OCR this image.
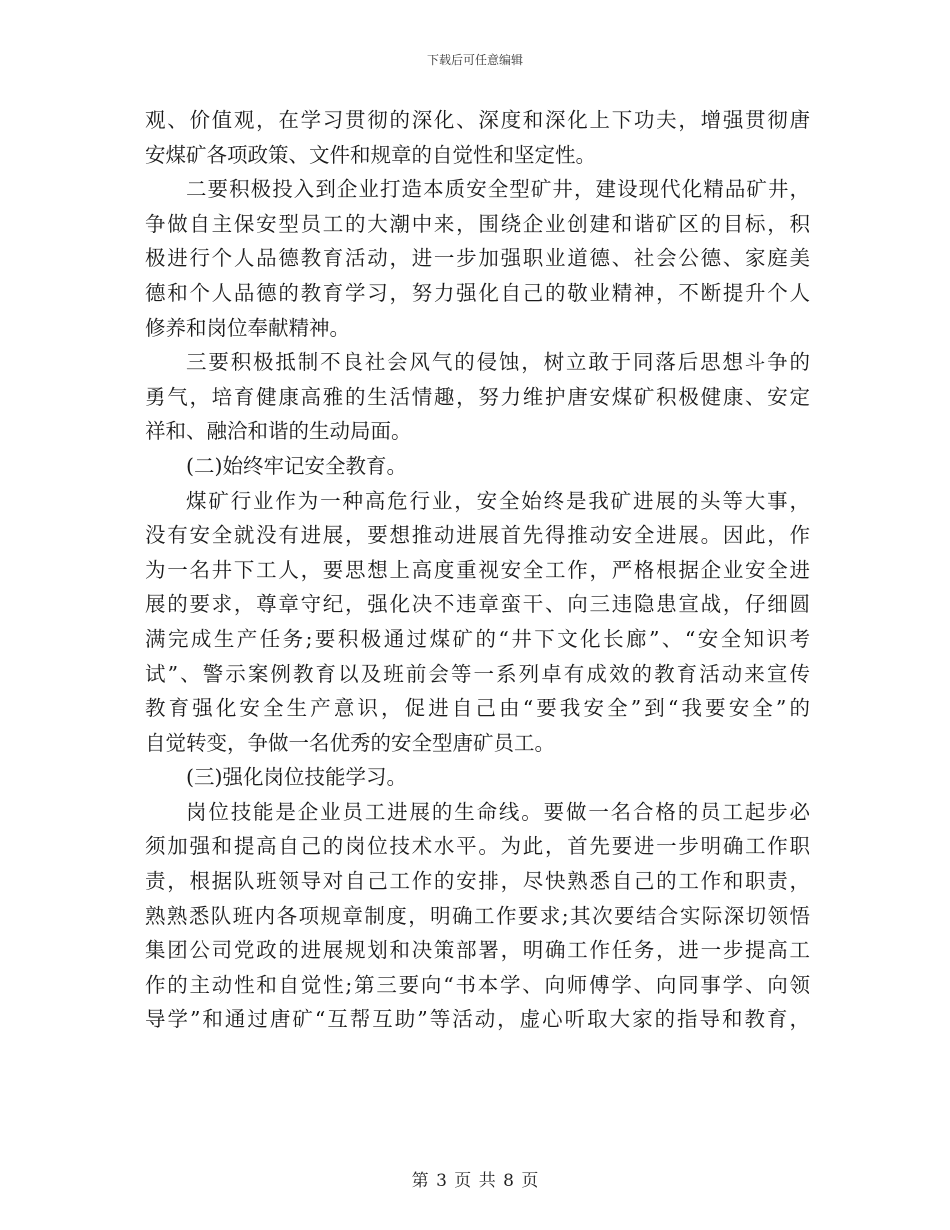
下载后可任意编辑
观、价值观，在学习贯彻的深化、深度和深化上下功夫，增强贯彻唐
安煤矿各项政策、文件和规章的自觉性和坚定性。
二要积极投入到企业打造本质安全型矿井，建设现代化精品矿井，
争做自主保安型员工的大潮中来，围绕企业创建和谐矿区的目标，积
极进行个人品德教育活动，进一步加强职业道德、社会公德、家庭美
德和个人品德的教育学习，努力强化自己的敬业精神，不断提升个人
修养和岗位奉献精神。
三要积极抵制不良社会风气的侵蚀，树立敢于同落后思想斗争的
勇气，培育健康高雅的生活情趣，努力维护唐安煤矿积极健康、安定
祥和、融洽和谐的生动局面。
(二)始终牢记安全教育。
煤矿行业作为一种高危行业，安全始终是我矿进展的头等大事，
没有安全就没有进展，要想推动进展首先得推动安全进展。因此，作
为一名井下工人，要思想上高度重视安全工作，严格根据企业安全进
展的要求，尊章守纪，强化决不违章蛮干、向三违隐患宣战，仔细圆
满完成生产任务;要积极通过煤矿的“井下文化长廊”、“安全知识考
试”、警示案例教育以及班前会等一系列卓有成效的教育活动来宣传
教育强化安全生产意识，促进自己由“要我安全”到“我要安全”的
自觉转变，争做一名优秀的安全型唐矿员工。
(三)强化岗位技能学习。
岗位技能是企业员工进展的生命线。要做一名合格的员工起步必
须加强和提高自己的岗位技术水平。为此，首先要进一步明确工作职
责，根据队班领导对自己工作的安排，尽快熟悉自己的工作和职责，
熟熟悉队班内各项规章制度，明确工作要求;其次要结合实际深切领悟
集团公司党政的进展规划和决策部署，明确工作任务，进一步提高工
作的主动性和自觉性;第三要向“书本学、向师傅学、向同事学、向领
导学”和通过唐矿“互帮互助”等活动，虚心听取大家的指导和教育，
第 3 页 共 8 页
